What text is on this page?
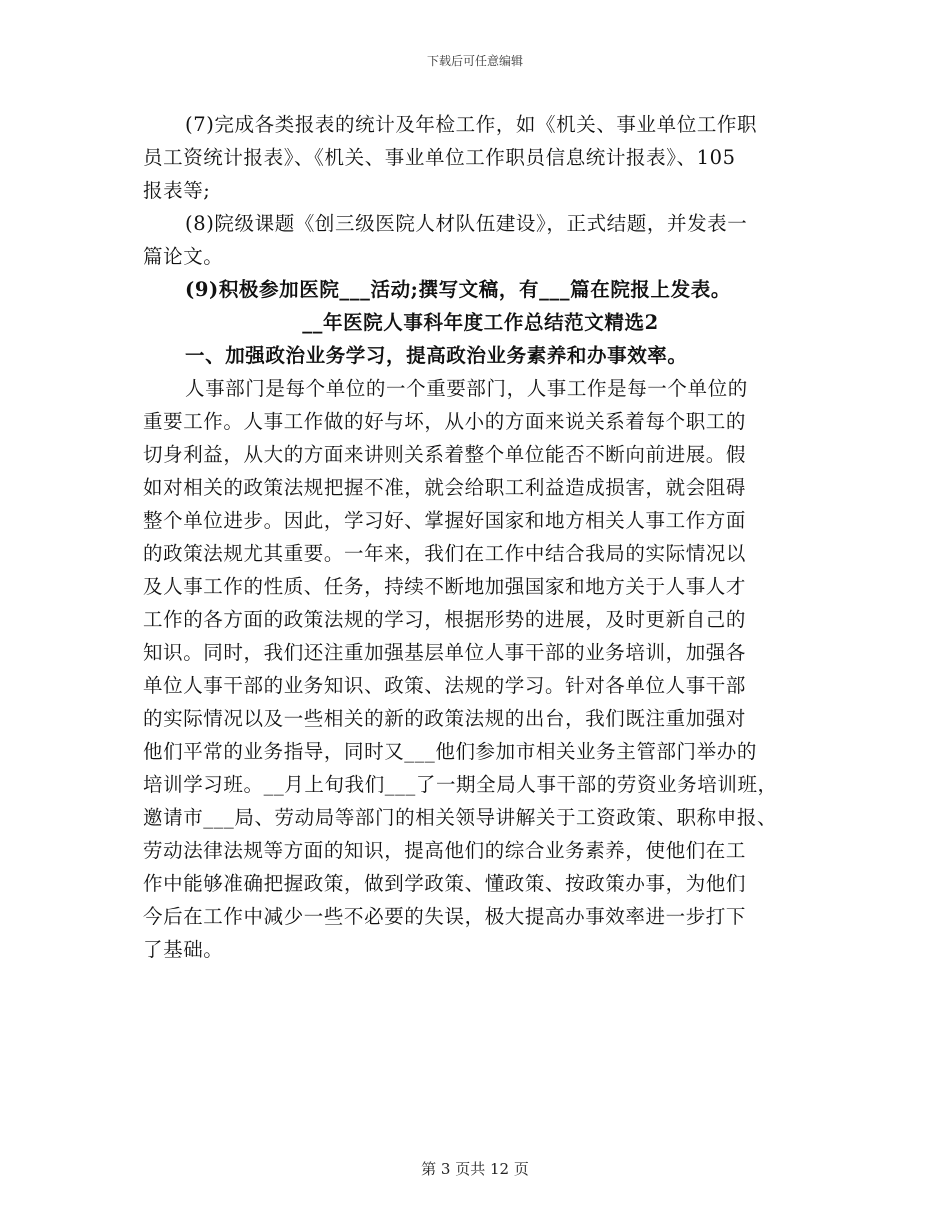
下载后可任意编辑
(7)完成各类报表的统计及年检工作，如《机关、事业单位工作职
员工资统计报表》、《机关、事业单位工作职员信息统计报表》、105
报表等;
(8)院级课题《创三级医院人材队伍建设》，正式结题，并发表一
篇论文。
(9)积极参加医院___活动;撰写文稿，有___篇在院报上发表。
__年医院人事科年度工作总结范文精选2
一、加强政治业务学习，提高政治业务素养和办事效率。
人事部门是每个单位的一个重要部门，人事工作是每一个单位的
重要工作。人事工作做的好与坏，从小的方面来说关系着每个职工的
切身利益，从大的方面来讲则关系着整个单位能否不断向前进展。假
如对相关的政策法规把握不准，就会给职工利益造成损害，就会阻碍
整个单位进步。因此，学习好、掌握好国家和地方相关人事工作方面
的政策法规尤其重要。一年来，我们在工作中结合我局的实际情况以
及人事工作的性质、任务，持续不断地加强国家和地方关于人事人才
工作的各方面的政策法规的学习，根据形势的进展，及时更新自己的
知识。同时，我们还注重加强基层单位人事干部的业务培训，加强各
单位人事干部的业务知识、政策、法规的学习。针对各单位人事干部
的实际情况以及一些相关的新的政策法规的出台，我们既注重加强对
他们平常的业务指导，同时又___他们参加市相关业务主管部门举办的
培训学习班。__月上旬我们___了一期全局人事干部的劳资业务培训班，
邀请市___局、劳动局等部门的相关领导讲解关于工资政策、职称申报、
劳动法律法规等方面的知识，提高他们的综合业务素养，使他们在工
作中能够准确把握政策，做到学政策、懂政策、按政策办事，为他们
今后在工作中减少一些不必要的失误，极大提高办事效率进一步打下
了基础。
第 3 页共 12 页
